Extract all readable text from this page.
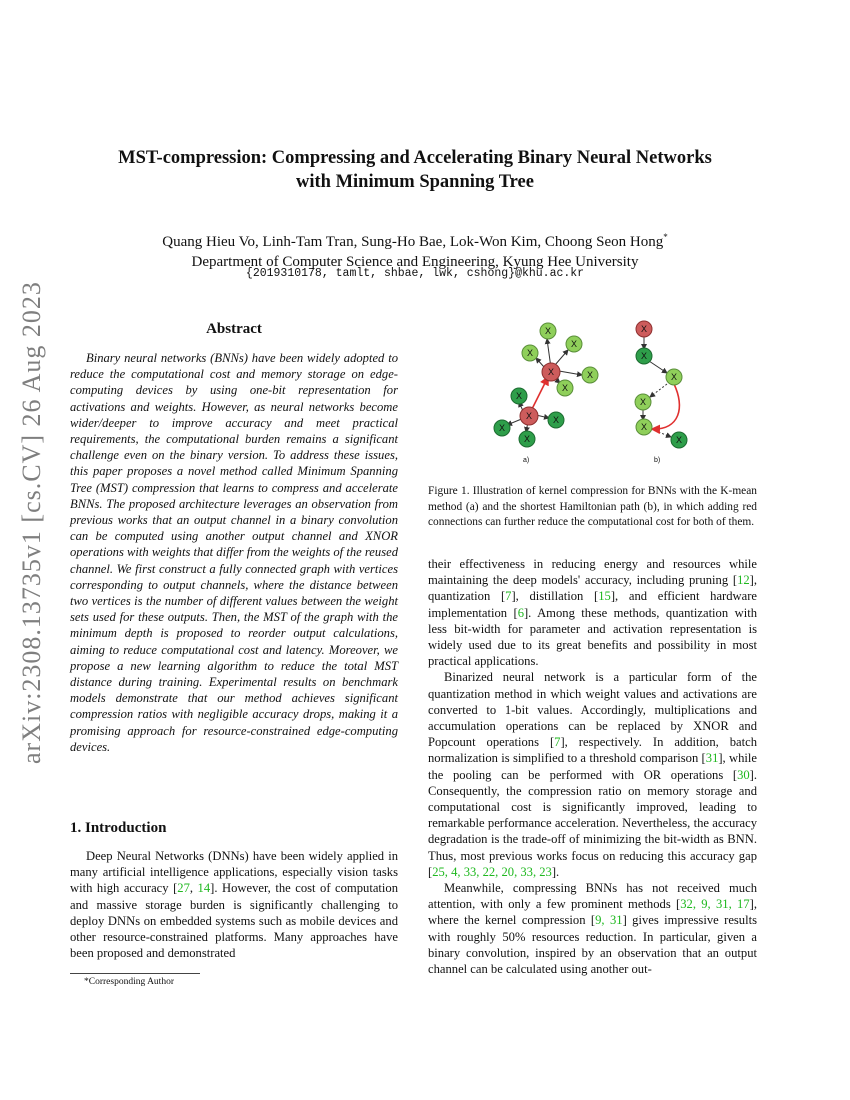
arXiv:2308.13735v1 [cs.CV] 26 Aug 2023
MST-compression: Compressing and Accelerating Binary Neural Networks
with Minimum Spanning Tree
Quang Hieu Vo, Linh-Tam Tran, Sung-Ho Bae, Lok-Won Kim, Choong Seon Hong*
Department of Computer Science and Engineering, Kyung Hee University
{2019310178, tamlt, shbae, lwk, cshong}@khu.ac.kr
Abstract

Binary neural networks (BNNs) have been widely adopted to reduce the computational cost and memory storage on edge-computing devices by using one-bit representation for activations and weights. However, as neural networks become wider/deeper to improve accuracy and meet practical requirements, the computational burden remains a significant challenge even on the binary version. To address these issues, this paper proposes a novel method called Minimum Spanning Tree (MST) compression that learns to compress and accelerate BNNs. The proposed architecture leverages an observation from previous works that an output channel in a binary convolution can be computed using another output channel and XNOR operations with weights that differ from the weights of the reused channel. We first construct a fully connected graph with vertices corresponding to output channels, where the distance between two vertices is the number of different values between the weight sets used for these outputs. Then, the MST of the graph with the minimum depth is proposed to reorder output calculations, aiming to reduce computational cost and latency. Moreover, we propose a new learning algorithm to reduce the total MST distance during training. Experimental results on benchmark models demonstrate that our method achieves significant compression ratios with negligible accuracy drops, making it a promising approach for resource-constrained edge-computing devices.

1. Introduction

Deep Neural Networks (DNNs) have been widely applied in many artificial intelligence applications, especially vision tasks with high accuracy [27, 14]. However, the cost of computation and massive storage burden is significantly challenging to deploy DNNs on embedded systems such as mobile devices and other resource-constrained platforms. Many approaches have been proposed and demonstrated

*Corresponding Author
X
X
X
X	X
X
X
X X
X
X
X
X
X
X
X
X
a)	b)
Figure 1. Illustration of kernel compression for BNNs with the K-mean method (a) and the shortest Hamiltonian path (b), in which adding red connections can further reduce the computational cost for both of them.

their effectiveness in reducing energy and resources while maintaining the deep models' accuracy, including pruning [12], quantization [7], distillation [15], and efficient hardware implementation [6]. Among these methods, quantization with less bit-width for parameter and activation representation is widely used due to its great benefits and possibility in most practical applications.

Binarized neural network is a particular form of the quantization method in which weight values and activations are converted to 1-bit values. Accordingly, multiplications and accumulation operations can be replaced by XNOR and Popcount operations [7], respectively. In addition, batch normalization is simplified to a threshold comparison [31], while the pooling can be performed with OR operations [30]. Consequently, the compression ratio on memory storage and computational cost is significantly improved, leading to remarkable performance acceleration. Nevertheless, the accuracy degradation is the trade-off of minimizing the bit-width as BNN. Thus, most previous works focus on reducing this accuracy gap [25, 4, 33, 22, 20, 33, 23].

Meanwhile, compressing BNNs has not received much attention, with only a few prominent methods [32, 9, 31, 17], where the kernel compression [9, 31] gives impressive results with roughly 50% resources reduction. In particular, given a binary convolution, inspired by an observation that an output channel can be calculated using another out-
